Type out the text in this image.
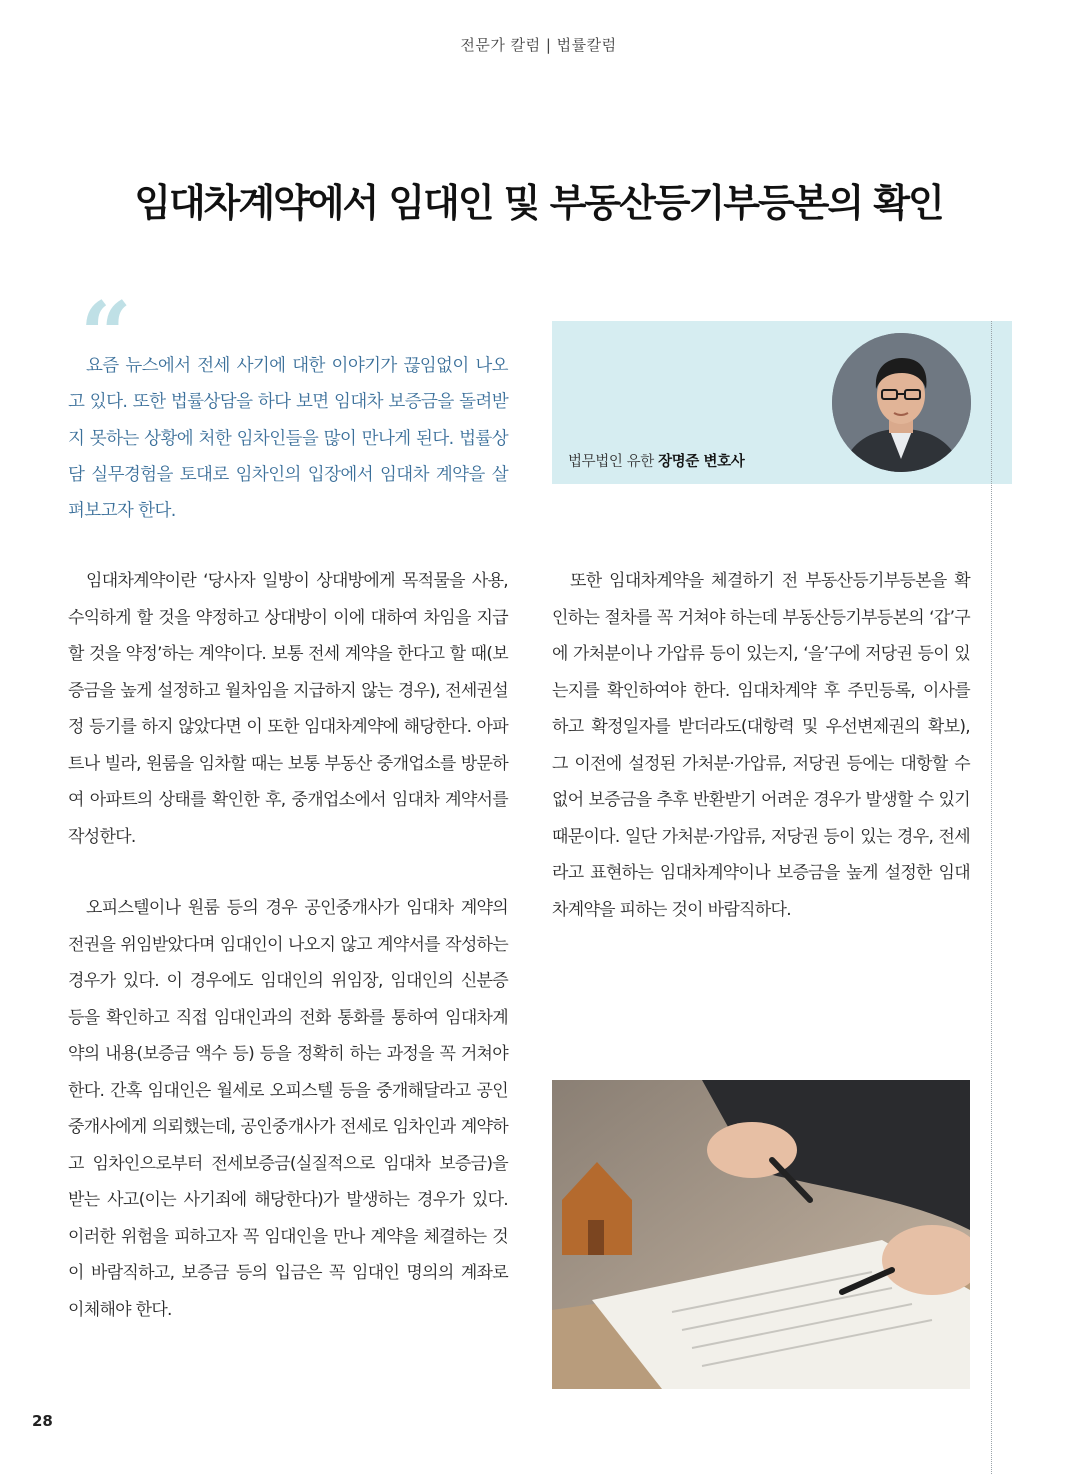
전문가 칼럼 | 법률칼럼
임대차계약에서 임대인 및 부동산등기부등본의 확인
“

요즘 뉴스에서 전세 사기에 대한 이야기가 끊임없이 나오고 있다. 또한 법률상담을 하다 보면 임대차 보증금을 돌려받지 못하는 상황에 처한 임차인들을 많이 만나게 된다. 법률상담 실무경험을 토대로 임차인의 입장에서 임대차 계약을 살펴보고자 한다.

법무법인 유한 장명준 변호사

임대차계약이란 ‘당사자 일방이 상대방에게 목적물을 사용, 수익하게 할 것을 약정하고 상대방이 이에 대하여 차임을 지급할 것을 약정’하는 계약이다. 보통 전세 계약을 한다고 할 때(보증금을 높게 설정하고 월차임을 지급하지 않는 경우), 전세권설정 등기를 하지 않았다면 이 또한 임대차계약에 해당한다. 아파트나 빌라, 원룸을 임차할 때는 보통 부동산 중개업소를 방문하여 아파트의 상태를 확인한 후, 중개업소에서 임대차 계약서를 작성한다.

오피스텔이나 원룸 등의 경우 공인중개사가 임대차 계약의 전권을 위임받았다며 임대인이 나오지 않고 계약서를 작성하는 경우가 있다. 이 경우에도 임대인의 위임장, 임대인의 신분증 등을 확인하고 직접 임대인과의 전화 통화를 통하여 임대차계약의 내용(보증금 액수 등) 등을 정확히 하는 과정을 꼭 거쳐야 한다. 간혹 임대인은 월세로 오피스텔 등을 중개해달라고 공인중개사에게 의뢰했는데, 공인중개사가 전세로 임차인과 계약하고 임차인으로부터 전세보증금(실질적으로 임대차 보증금)을 받는 사고(이는 사기죄에 해당한다)가 발생하는 경우가 있다. 이러한 위험을 피하고자 꼭 임대인을 만나 계약을 체결하는 것이 바람직하고, 보증금 등의 입금은 꼭 임대인 명의의 계좌로 이체해야 한다.

또한 임대차계약을 체결하기 전 부동산등기부등본을 확인하는 절차를 꼭 거쳐야 하는데 부동산등기부등본의 ‘갑’구에 가처분이나 가압류 등이 있는지, ‘을’구에 저당권 등이 있는지를 확인하여야 한다. 임대차계약 후 주민등록, 이사를 하고 확정일자를 받더라도(대항력 및 우선변제권의 확보), 그 이전에 설정된 가처분·가압류, 저당권 등에는 대항할 수 없어 보증금을 추후 반환받기 어려운 경우가 발생할 수 있기 때문이다. 일단 가처분·가압류, 저당권 등이 있는 경우, 전세라고 표현하는 임대차계약이나 보증금을 높게 설정한 임대차계약을 피하는 것이 바람직하다.

28
